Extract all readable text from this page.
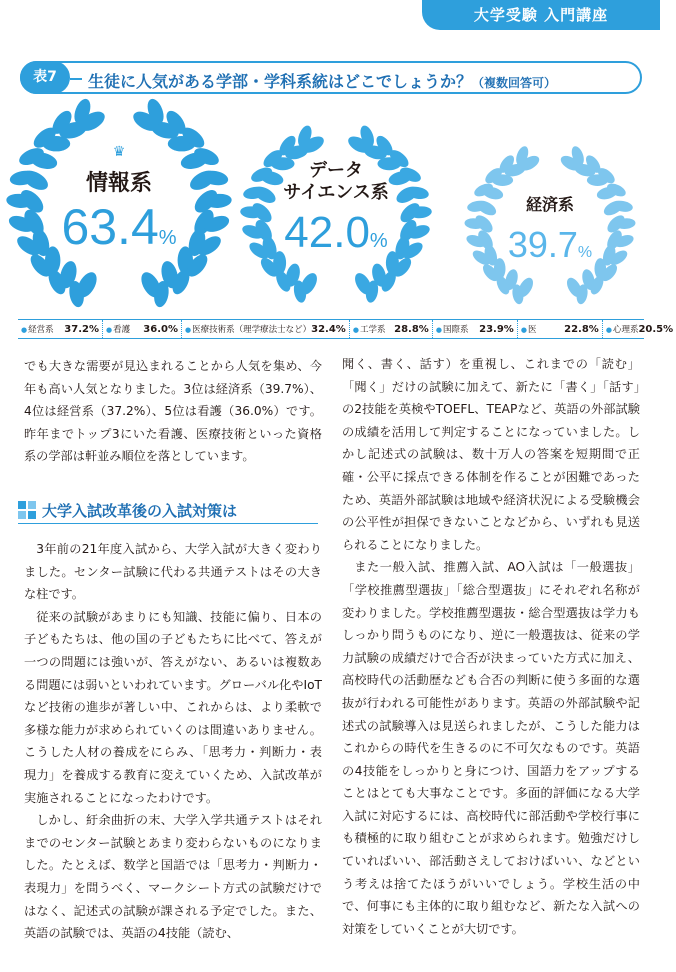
大学受験 入門講座
表7	生徒に人気がある学部・学科系統はどこでしょうか？（複数回答可）
♛
情報系
63.4%
データ
サイエンス系
42.0%
経済系
39.7%
● 経営系 37.2%	● 看護 36.0%	● 医療技術系（理学療法士など） 32.4%	● 工学系 28.8%	● 国際系 23.9%	● 医	22.8%	● 心理系 20.5%

でも大きな需要が見込まれることから人気を集め、今年も高い人気となりました。3位は経済系（39.7%）、4位は経営系（37.2%）、5位は看護（36.0%）です。昨年までトップ3にいた看護、医療技術といった資格系の学部は軒並み順位を落としています。

大学入試改革後の入試対策は

3年前の21年度入試から、大学入試が大きく変わりました。センター試験に代わる共通テストはその大きな柱です。

従来の試験があまりにも知識、技能に偏り、日本の子どもたちは、他の国の子どもたちに比べて、答えが一つの問題には強いが、答えがない、あるいは複数ある問題には弱いといわれています。グローバル化やIoTなど技術の進歩が著しい中、これからは、より柔軟で多様な能力が求められていくのは間違いありません。こうした人材の養成をにらみ、「思考力・判断力・表現力」を養成する教育に変えていくため、入試改革が実施されることになったわけです。

しかし、紆余曲折の末、大学入学共通テストはそれまでのセンター試験とあまり変わらないものになりました。たとえば、数学と国語では「思考力・判断力・表現力」を問うべく、マークシート方式の試験だけではなく、記述式の試験が課される予定でした。また、英語の試験では、英語の4技能（読む、

聞く、書く、話す）を重視し、これまでの「読む」「聞く」だけの試験に加えて、新たに「書く」「話す」の2技能を英検やTOEFL、TEAPなど、英語の外部試験の成績を活用して判定することになっていました。しかし記述式の試験は、数十万人の答案を短期間で正確・公平に採点できる体制を作ることが困難であったため、英語外部試験は地域や経済状況による受験機会の公平性が担保できないことなどから、いずれも見送られることになりました。

また一般入試、推薦入試、AO入試は「一般選抜」「学校推薦型選抜」「総合型選抜」にそれぞれ名称が変わりました。学校推薦型選抜・総合型選抜は学力もしっかり問うものになり、逆に一般選抜は、従来の学力試験の成績だけで合否が決まっていた方式に加え、高校時代の活動歴なども合否の判断に使う多面的な選抜が行われる可能性があります。英語の外部試験や記述式の試験導入は見送られましたが、こうした能力はこれからの時代を生きるのに不可欠なものです。英語の4技能をしっかりと身につけ、国語力をアップすることはとても大事なことです。多面的評価になる大学入試に対応するには、高校時代に部活動や学校行事にも積極的に取り組むことが求められます。勉強だけしていればいい、部活動さえしておけばいい、などという考えは捨てたほうがいいでしょう。学校生活の中で、何事にも主体的に取り組むなど、新たな入試への対策をしていくことが大切です。
